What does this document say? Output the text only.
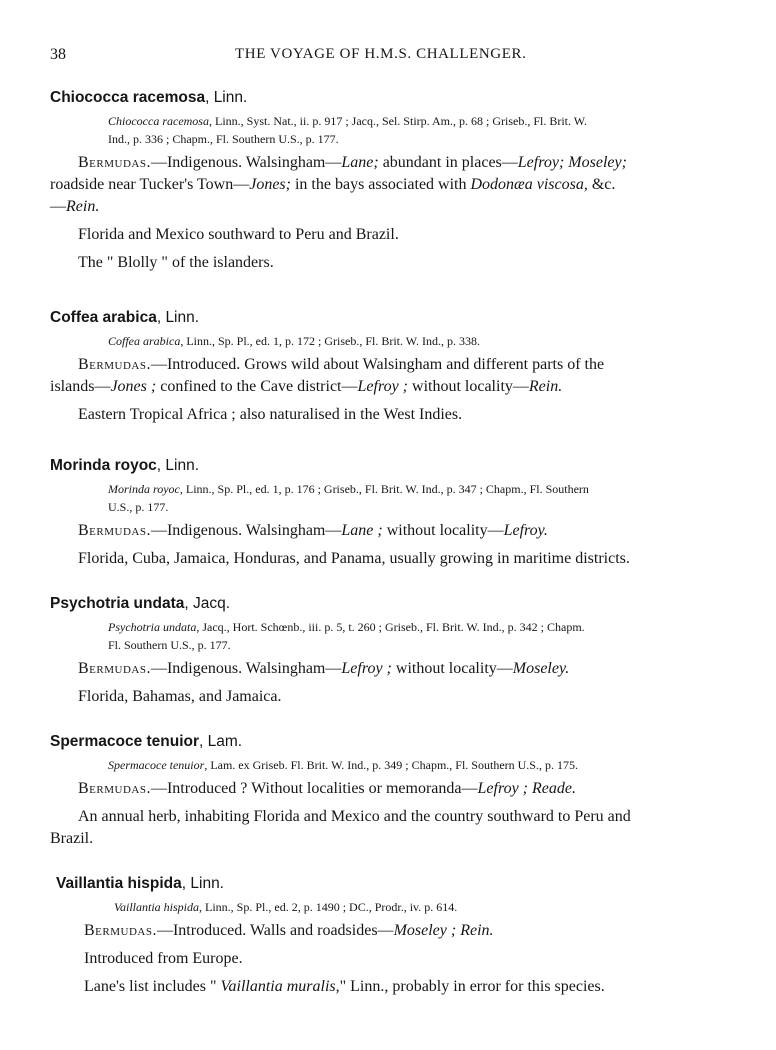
38	THE VOYAGE OF H.M.S. CHALLENGER.

Chiococca racemosa, Linn.

Chiococca racemosa, Linn., Syst. Nat., ii. p. 917 ; Jacq., Sel. Stirp. Am., p. 68 ; Griseb., Fl. Brit. W.
Ind., p. 336 ; Chapm., Fl. Southern U.S., p. 177.
Bermudas.—Indigenous. Walsingham—Lane; abundant in places—Lefroy; Moseley;
roadside near Tucker's Town—Jones; in the bays associated with Dodonæa viscosa, &c.
—Rein.

Florida and Mexico southward to Peru and Brazil.

The " Blolly " of the islanders.

Coffea arabica, Linn.

Coffea arabica, Linn., Sp. Pl., ed. 1, p. 172 ; Griseb., Fl. Brit. W. Ind., p. 338.
Bermudas.—Introduced. Grows wild about Walsingham and different parts of the
islands—Jones ; confined to the Cave district—Lefroy ; without locality—Rein.

Eastern Tropical Africa ; also naturalised in the West Indies.

Morinda royoc, Linn.

Morinda royoc, Linn., Sp. Pl., ed. 1, p. 176 ; Griseb., Fl. Brit. W. Ind., p. 347 ; Chapm., Fl. Southern
U.S., p. 177.
Bermudas.—Indigenous. Walsingham—Lane ; without locality—Lefroy.

Florida, Cuba, Jamaica, Honduras, and Panama, usually growing in maritime districts.

Psychotria undata, Jacq.

Psychotria undata, Jacq., Hort. Schœnb., iii. p. 5, t. 260 ; Griseb., Fl. Brit. W. Ind., p. 342 ; Chapm.
Fl. Southern U.S., p. 177.
Bermudas.—Indigenous. Walsingham—Lefroy ; without locality—Moseley.

Florida, Bahamas, and Jamaica.

Spermacoce tenuior, Lam.

Spermacoce tenuior, Lam. ex Griseb. Fl. Brit. W. Ind., p. 349 ; Chapm., Fl. Southern U.S., p. 175.
Bermudas.—Introduced ? Without localities or memoranda—Lefroy ; Reade.
An annual herb, inhabiting Florida and Mexico and the country southward to Peru and
Brazil.

Vaillantia hispida, Linn.

Vaillantia hispida, Linn., Sp. Pl., ed. 2, p. 1490 ; DC., Prodr., iv. p. 614.
Bermudas.—Introduced. Walls and roadsides—Moseley ; Rein.

Introduced from Europe.

Lane's list includes " Vaillantia muralis," Linn., probably in error for this species.
